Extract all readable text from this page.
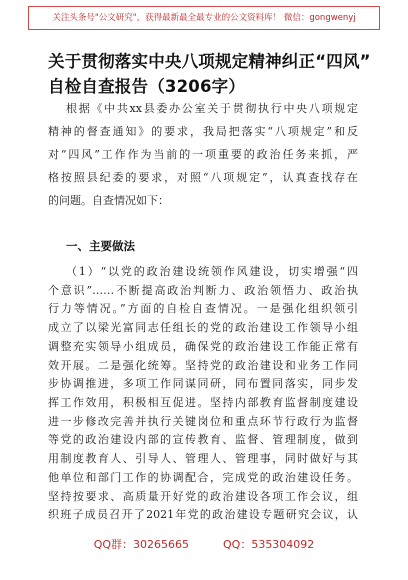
关注头条号"公文研究"，获得最新最全最专业的公文资料库！ 微信：gongwenyj
关于贯彻落实中央八项规定精神纠正“四风”
自检自查报告（3206字）
根据《中共xx县委办公室关于贯彻执行中央八项规定
精神的督查通知》的要求，我局把落实“八项规定”和反
对“四风”工作作为当前的一项重要的政治任务来抓，严
格按照县纪委的要求，对照“八项规定”，认真查找存在
的问题。自查情况如下：
一、主要做法
（1）“以党的政治建设统领作风建设，切实增强“四
个意识”……不断提高政治判断力、政治领悟力、政治执
行力等情况。”方面的自检自查情况。一是强化组织领引
成立了以梁光富同志任组长的党的政治建设工作领导小组
调整充实领导小组成员，确保党的政治建设工作能正常有
效开展。二是强化统筹。坚持党的政治建设和业务工作同
步协调推进，多项工作同谋同研，同布置同落实，同步发
挥工作效用，积极相互促进。坚持内部教育监督制度建设
进一步修改完善并执行关键岗位和重点环节行政行为监督
等党的政治建设内部的宣传教育、监督、管理制度，做到
用制度教育人、引导人、管理人、管理事，同时做好与其
他单位和部门工作的协调配合，完成党的政治建设任务。
坚持按要求、高质量开好党的政治建设各项工作会议，组
织班子成员召开了2021年党的政治建设专题研究会议，认
QQ群：30265665	QQ：535304092
